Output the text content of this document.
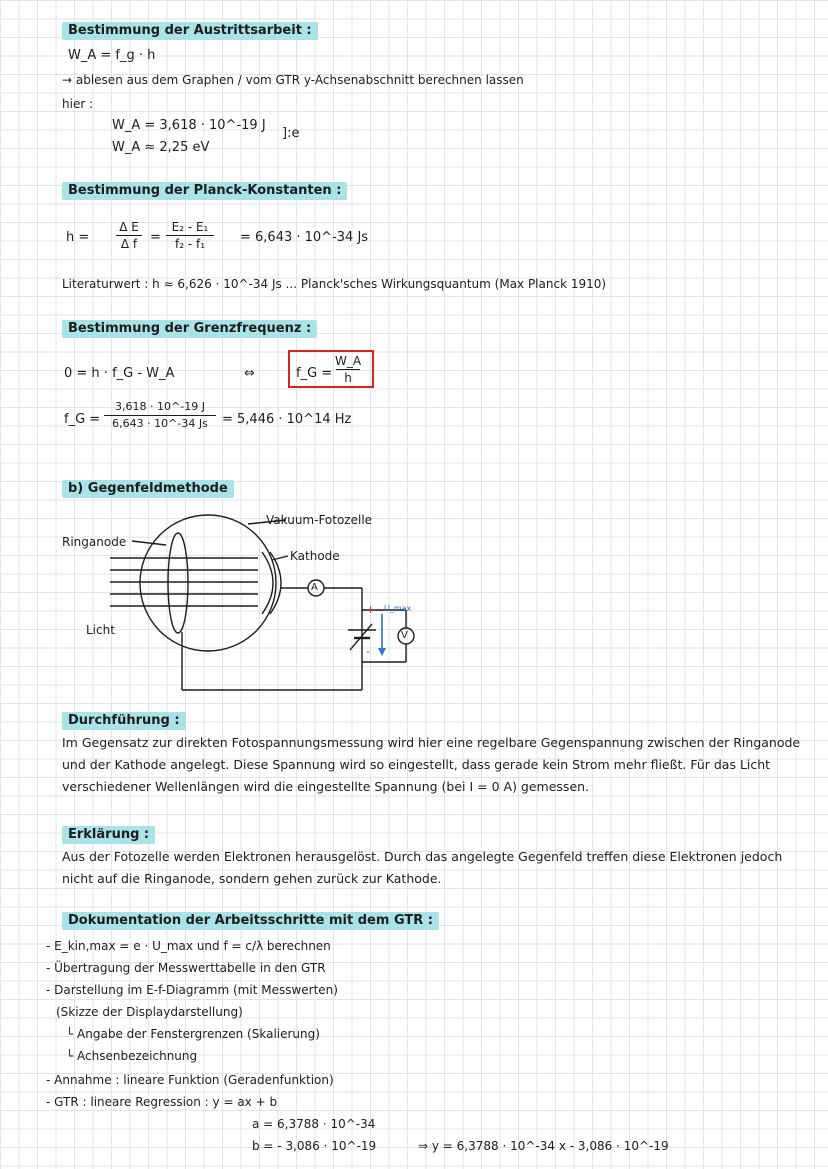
Bestimmung der Austrittsarbeit :
W_A = f_g · h
→ ablesen aus dem Graphen / vom GTR y-Achsenabschnitt berechnen lassen
hier :
W_A = 3,618 · 10^-19 J
W_A ≈ 2,25 eV
]:e
Bestimmung der Planck-Konstanten :
h =
Δ E
Δ f =
E₂ - E₁
f₂ - f₁	= 6,643 · 10^-34 Js
Literaturwert : h ≈ 6,626 · 10^-34 Js ... Planck'sches Wirkungsquantum (Max Planck 1910)
Bestimmung der Grenzfrequenz :
0 = h · f_G - W_A	⇔	f_G =
W_A
h
f_G =
3,618 · 10^-19 J
6,643 · 10^-34 Js = 5,446 · 10^14 Hz
b) Gegenfeldmethode
Ringanode
Vakuum-Fotozelle
Kathode
Licht
A
V
U_max
+
-
Durchführung :
Im Gegensatz zur direkten Fotospannungsmessung wird hier eine regelbare Gegenspannung zwischen der Ringanode und der Kathode angelegt. Diese Spannung wird so eingestellt, dass gerade kein Strom mehr fließt. Für das Licht verschiedener Wellenlängen wird die eingestellte Spannung (bei I = 0 A) gemessen.
Erklärung :
Aus der Fotozelle werden Elektronen herausgelöst. Durch das angelegte Gegenfeld treffen diese Elektronen jedoch nicht auf die Ringanode, sondern gehen zurück zur Kathode.
Dokumentation der Arbeitsschritte mit dem GTR :
- E_kin,max = e · U_max und f = c/λ berechnen
- Übertragung der Messwerttabelle in den GTR
- Darstellung im E-f-Diagramm (mit Messwerten)
(Skizze der Displaydarstellung)
└ Angabe der Fenstergrenzen (Skalierung)
└ Achsenbezeichnung
- Annahme : lineare Funktion (Geradenfunktion)
- GTR : lineare Regression : y = ax + b
a = 6,3788 · 10^-34
b = - 3,086 · 10^-19	⇒ y = 6,3788 · 10^-34 x - 3,086 · 10^-19
